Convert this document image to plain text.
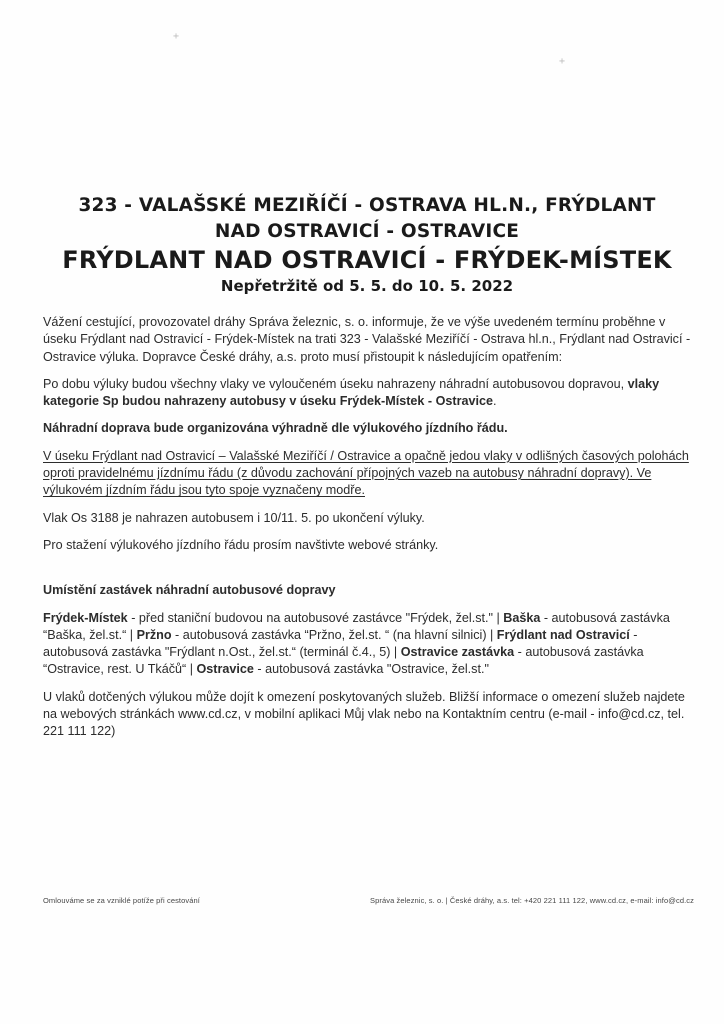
+
+
323 - VALAŠSKÉ MEZIŘÍČÍ - OSTRAVA HL.N., FRÝDLANT
NAD OSTRAVICÍ - OSTRAVICE
FRÝDLANT NAD OSTRAVICÍ - FRÝDEK-MÍSTEK
Nepřetržitě od 5. 5. do 10. 5. 2022

Vážení cestující, provozovatel dráhy Správa železnic, s. o. informuje, že ve výše uvedeném termínu proběhne v úseku Frýdlant nad Ostravicí - Frýdek-Místek na trati 323 - Valašské Meziříčí - Ostrava hl.n., Frýdlant nad Ostravicí - Ostravice výluka. Dopravce České dráhy, a.s. proto musí přistoupit k následujícím opatřením:

Po dobu výluky budou všechny vlaky ve vyloučeném úseku nahrazeny náhradní autobusovou dopravou, vlaky kategorie Sp budou nahrazeny autobusy v úseku Frýdek-Místek - Ostravice.

Náhradní doprava bude organizována výhradně dle výlukového jízdního řádu.

V úseku Frýdlant nad Ostravicí – Valašské Meziříčí / Ostravice a opačně jedou vlaky v odlišných časových polohách oproti pravidelnému jízdnímu řádu (z důvodu zachování přípojných vazeb na autobusy náhradní dopravy). Ve výlukovém jízdním řádu jsou tyto spoje vyznačeny modře.

Vlak Os 3188 je nahrazen autobusem i 10/11. 5. po ukončení výluky.

Pro stažení výlukového jízdního řádu prosím navštivte webové stránky.

Umístění zastávek náhradní autobusové dopravy

Frýdek-Místek - před staniční budovou na autobusové zastávce "Frýdek, žel.st." | Baška - autobusová zastávka “Baška, žel.st.“ | Pržno - autobusová zastávka “Pržno, žel.st. “ (na hlavní silnici) | Frýdlant nad Ostravicí - autobusová zastávka "Frýdlant n.Ost., žel.st.“ (terminál č.4., 5) | Ostravice zastávka - autobusová zastávka “Ostravice, rest. U Tkáčů“ | Ostravice - autobusová zastávka "Ostravice, žel.st."

U vlaků dotčených výlukou může dojít k omezení poskytovaných služeb. Bližší informace o omezení služeb najdete na webových stránkách www.cd.cz, v mobilní aplikaci Můj vlak nebo na Kontaktním centru (e-mail - info@cd.cz, tel. 221 111 122)

Omlouváme se za vzniklé potíže při cestování	Správa železnic, s. o. | České dráhy, a.s. tel: +420 221 111 122, www.cd.cz, e-mail: info@cd.cz
